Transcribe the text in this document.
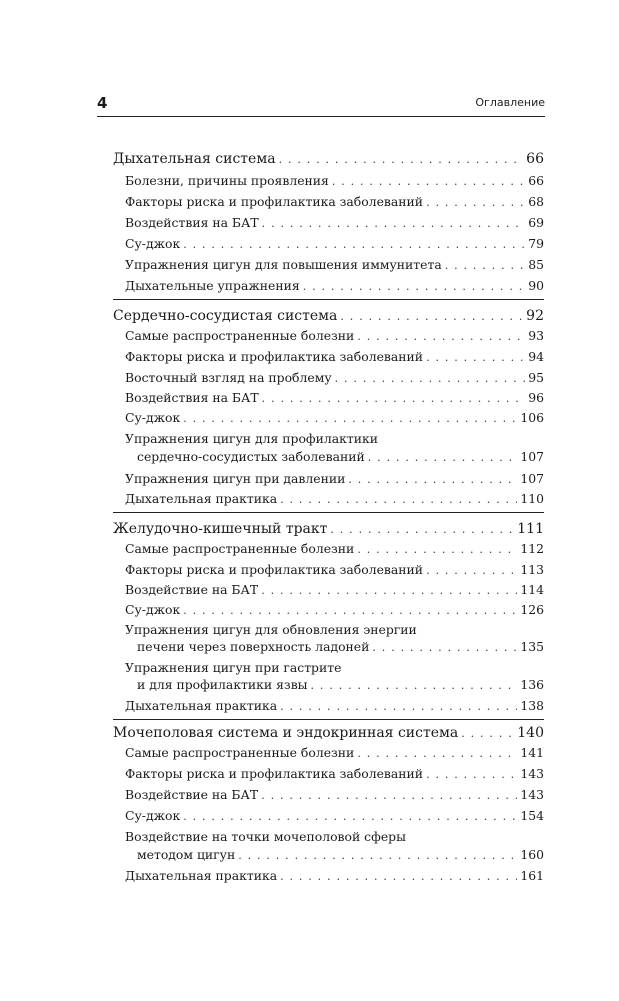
4	Оглавление
Дыхательная система . . .	66
Болезни, причины проявления . . .	66
Факторы риска и профилактика заболеваний . . .	68
Воздействия на БАТ . . .	69
Су-джок . . .	79
Упражнения цигун для повышения иммунитета . . .	85
Дыхательные упражнения . . .	90
Сердечно-сосудистая система . . .	92
Самые распространенные болезни . . .	93
Факторы риска и профилактика заболеваний . . .	94
Восточный взгляд на проблему . . .	95
Воздействия на БАТ . . .	96
Су-джок . . .	106
Упражнения цигун для профилактики
сердечно-сосудистых заболеваний . . .	107
Упражнения цигун при давлении . . .	107
Дыхательная практика . . .	110
Желудочно-кишечный тракт . . .	111
Самые распространенные болезни . . .	112
Факторы риска и профилактика заболеваний . . .	113
Воздействие на БАТ . . .	114
Су-джок . . .	126
Упражнения цигун для обновления энергии
печени через поверхность ладоней . . .	135
Упражнения цигун при гастрите
и для профилактики язвы . . .	136
Дыхательная практика . . .	138
Мочеполовая система и эндокринная система . . .	140
Самые распространенные болезни . . .	141
Факторы риска и профилактика заболеваний . . .	143
Воздействие на БАТ . . .	143
Су-джок . . .	154
Воздействие на точки мочеполовой сферы
методом цигун . . .	160
Дыхательная практика . . .	161
